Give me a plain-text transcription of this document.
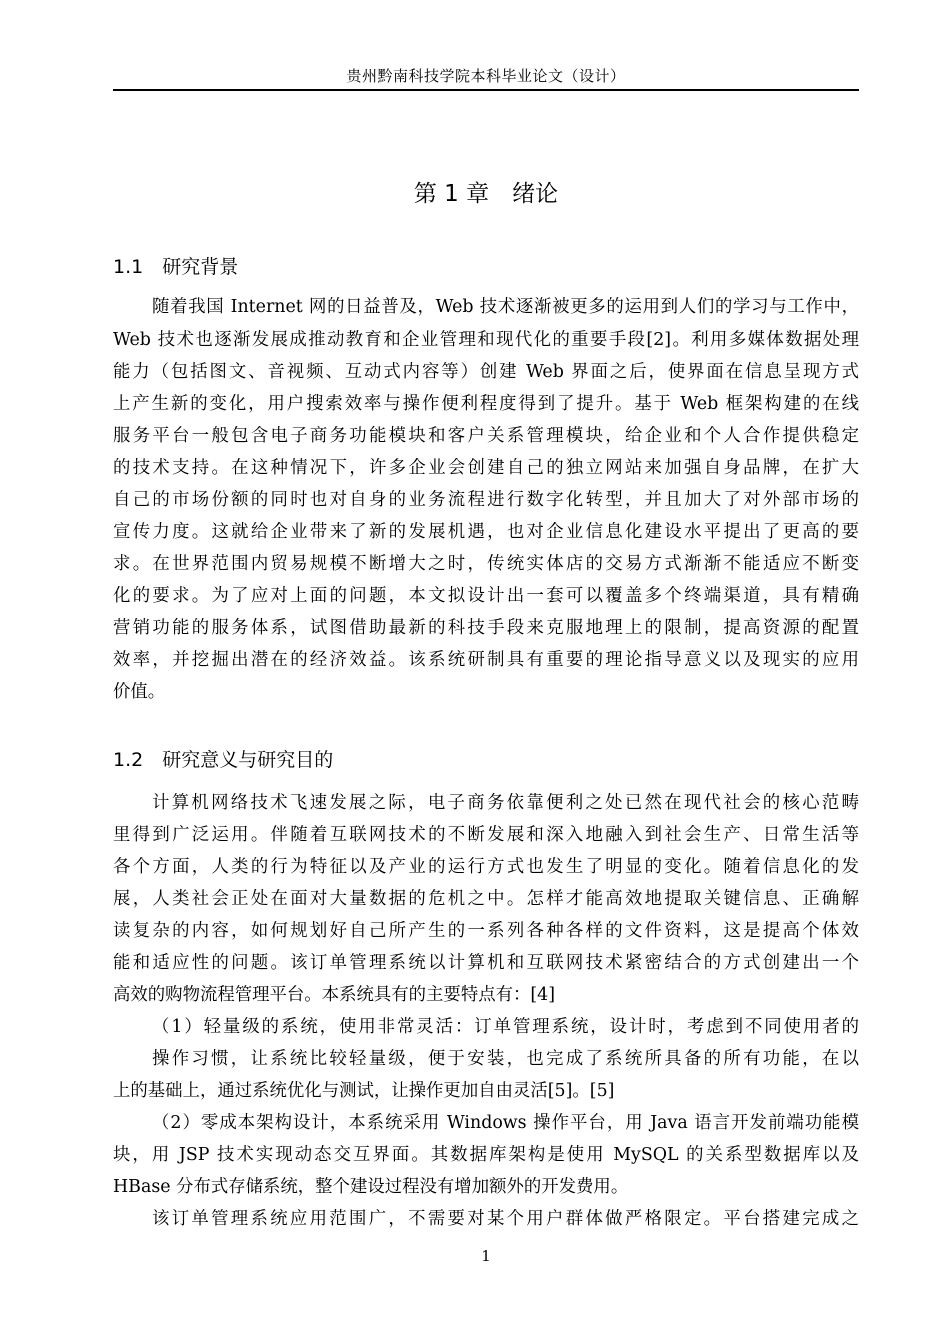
贵州黔南科技学院本科毕业论文（设计）
第 1 章　绪论
1.1　研究背景
随着我国 Internet 网的日益普及，Web 技术逐渐被更多的运用到人们的学习与工作中，
Web 技术也逐渐发展成推动教育和企业管理和现代化的重要手段[2]。利用多媒体数据处理
能力（包括图文、音视频、互动式内容等）创建 Web 界面之后，使界面在信息呈现方式
上产生新的变化，用户搜索效率与操作便利程度得到了提升。基于 Web 框架构建的在线
服务平台一般包含电子商务功能模块和客户关系管理模块，给企业和个人合作提供稳定
的技术支持。在这种情况下，许多企业会创建自己的独立网站来加强自身品牌，在扩大
自己的市场份额的同时也对自身的业务流程进行数字化转型，并且加大了对外部市场的
宣传力度。这就给企业带来了新的发展机遇，也对企业信息化建设水平提出了更高的要
求。在世界范围内贸易规模不断增大之时，传统实体店的交易方式渐渐不能适应不断变
化的要求。为了应对上面的问题，本文拟设计出一套可以覆盖多个终端渠道，具有精确
营销功能的服务体系，试图借助最新的科技手段来克服地理上的限制，提高资源的配置
效率，并挖掘出潜在的经济效益。该系统研制具有重要的理论指导意义以及现实的应用
价值。
1.2　研究意义与研究目的
计算机网络技术飞速发展之际，电子商务依靠便利之处已然在现代社会的核心范畴
里得到广泛运用。伴随着互联网技术的不断发展和深入地融入到社会生产、日常生活等
各个方面，人类的行为特征以及产业的运行方式也发生了明显的变化。随着信息化的发
展，人类社会正处在面对大量数据的危机之中。怎样才能高效地提取关键信息、正确解
读复杂的内容，如何规划好自己所产生的一系列各种各样的文件资料，这是提高个体效
能和适应性的问题。该订单管理系统以计算机和互联网技术紧密结合的方式创建出一个
高效的购物流程管理平台。本系统具有的主要特点有：[4]
（1）轻量级的系统，使用非常灵活：订单管理系统，设计时，考虑到不同使用者的
操作习惯，让系统比较轻量级，便于安装，也完成了系统所具备的所有功能，在以
上的基础上，通过系统优化与测试，让操作更加自由灵活[5]。[5]
（2）零成本架构设计，本系统采用 Windows 操作平台，用 Java 语言开发前端功能模
块，用 JSP 技术实现动态交互界面。其数据库架构是使用 MySQL 的关系型数据库以及
HBase 分布式存储系统，整个建设过程没有增加额外的开发费用。
该订单管理系统应用范围广，不需要对某个用户群体做严格限定。平台搭建完成之
1
